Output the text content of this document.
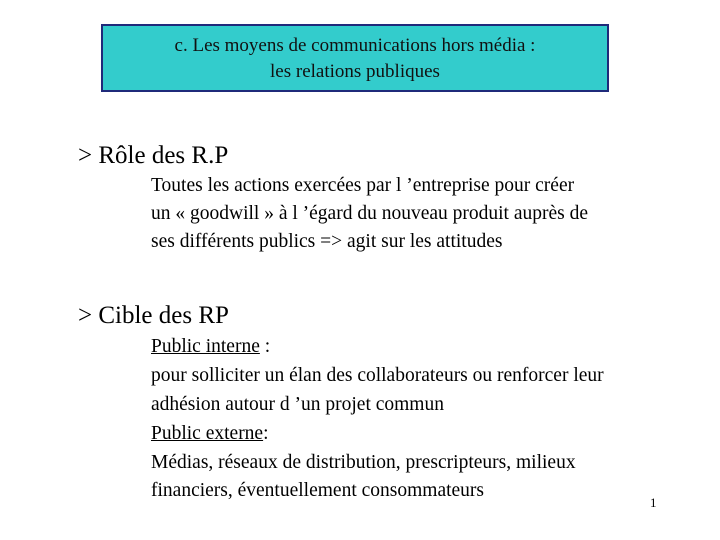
c. Les moyens de communications hors média :
les relations publiques
> Rôle des R.P
Toutes les actions exercées par l ’entreprise pour créer
un « goodwill » à l ’égard du nouveau produit auprès de
ses différents publics => agit sur les attitudes
> Cible des RP
Public interne :
pour solliciter un élan des collaborateurs ou renforcer leur
adhésion autour d ’un projet commun
Public externe:
Médias, réseaux de distribution, prescripteurs, milieux
financiers, éventuellement consommateurs
1
